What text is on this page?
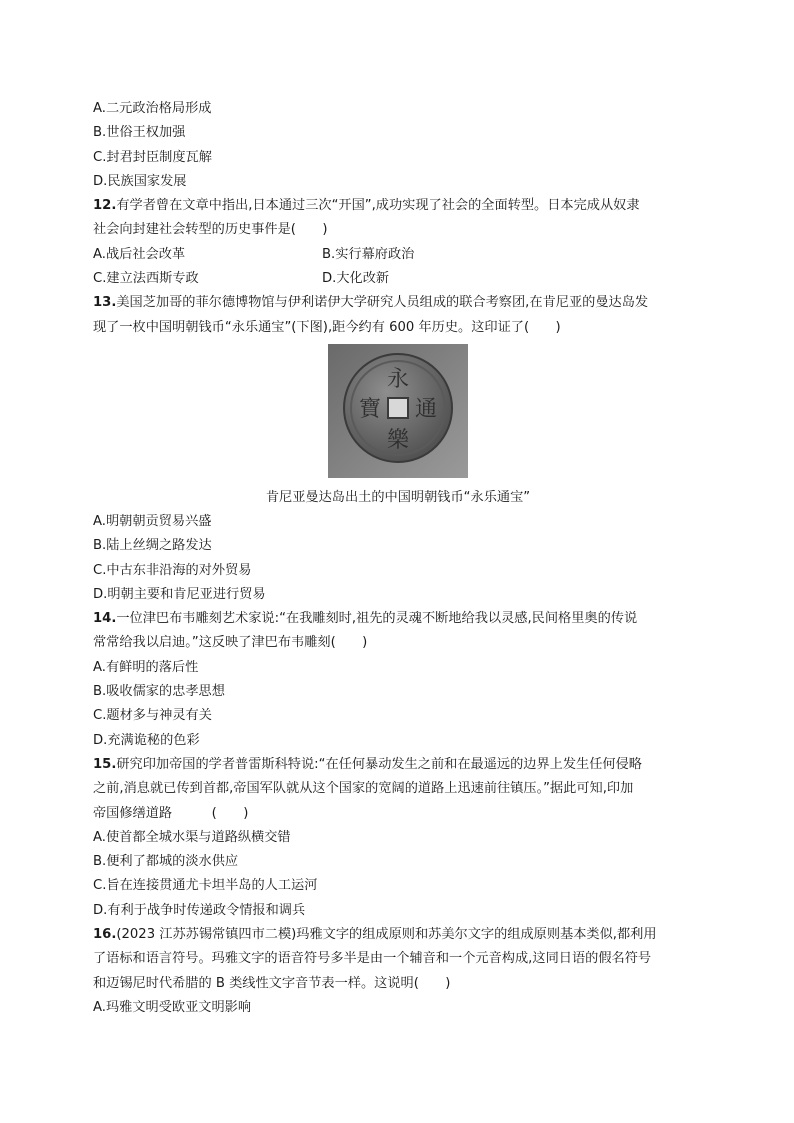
A.二元政治格局形成
B.世俗王权加强
C.封君封臣制度瓦解
D.民族国家发展
12.有学者曾在文章中指出,日本通过三次“开国”,成功实现了社会的全面转型。日本完成从奴隶
社会向封建社会转型的历史事件是(　　)
A.战后社会改革	B.实行幕府政治
C.建立法西斯专政	D.大化改新
13.美国芝加哥的菲尔德博物馆与伊利诺伊大学研究人员组成的联合考察团,在肯尼亚的曼达岛发
现了一枚中国明朝钱币“永乐通宝”(下图),距今约有 600 年历史。这印证了(　　)
永
樂
通
寶
肯尼亚曼达岛出土的中国明朝钱币“永乐通宝”
A.明朝朝贡贸易兴盛
B.陆上丝绸之路发达
C.中古东非沿海的对外贸易
D.明朝主要和肯尼亚进行贸易
14.一位津巴布韦雕刻艺术家说:“在我雕刻时,祖先的灵魂不断地给我以灵感,民间格里奥的传说
常常给我以启迪。”这反映了津巴布韦雕刻(　　)
A.有鲜明的落后性
B.吸收儒家的忠孝思想
C.题材多与神灵有关
D.充满诡秘的色彩
15.研究印加帝国的学者普雷斯科特说:“在任何暴动发生之前和在最遥远的边界上发生任何侵略
之前,消息就已传到首都,帝国军队就从这个国家的宽阔的道路上迅速前往镇压。”据此可知,印加
帝国修缮道路　　　(　　)
A.使首都全城水渠与道路纵横交错
B.便利了都城的淡水供应
C.旨在连接贯通尤卡坦半岛的人工运河
D.有利于战争时传递政令情报和调兵
16.(2023 江苏苏锡常镇四市二模)玛雅文字的组成原则和苏美尔文字的组成原则基本类似,都利用
了语标和语言符号。玛雅文字的语音符号多半是由一个辅音和一个元音构成,这同日语的假名符号
和迈锡尼时代希腊的 B 类线性文字音节表一样。这说明(　　)
A.玛雅文明受欧亚文明影响
